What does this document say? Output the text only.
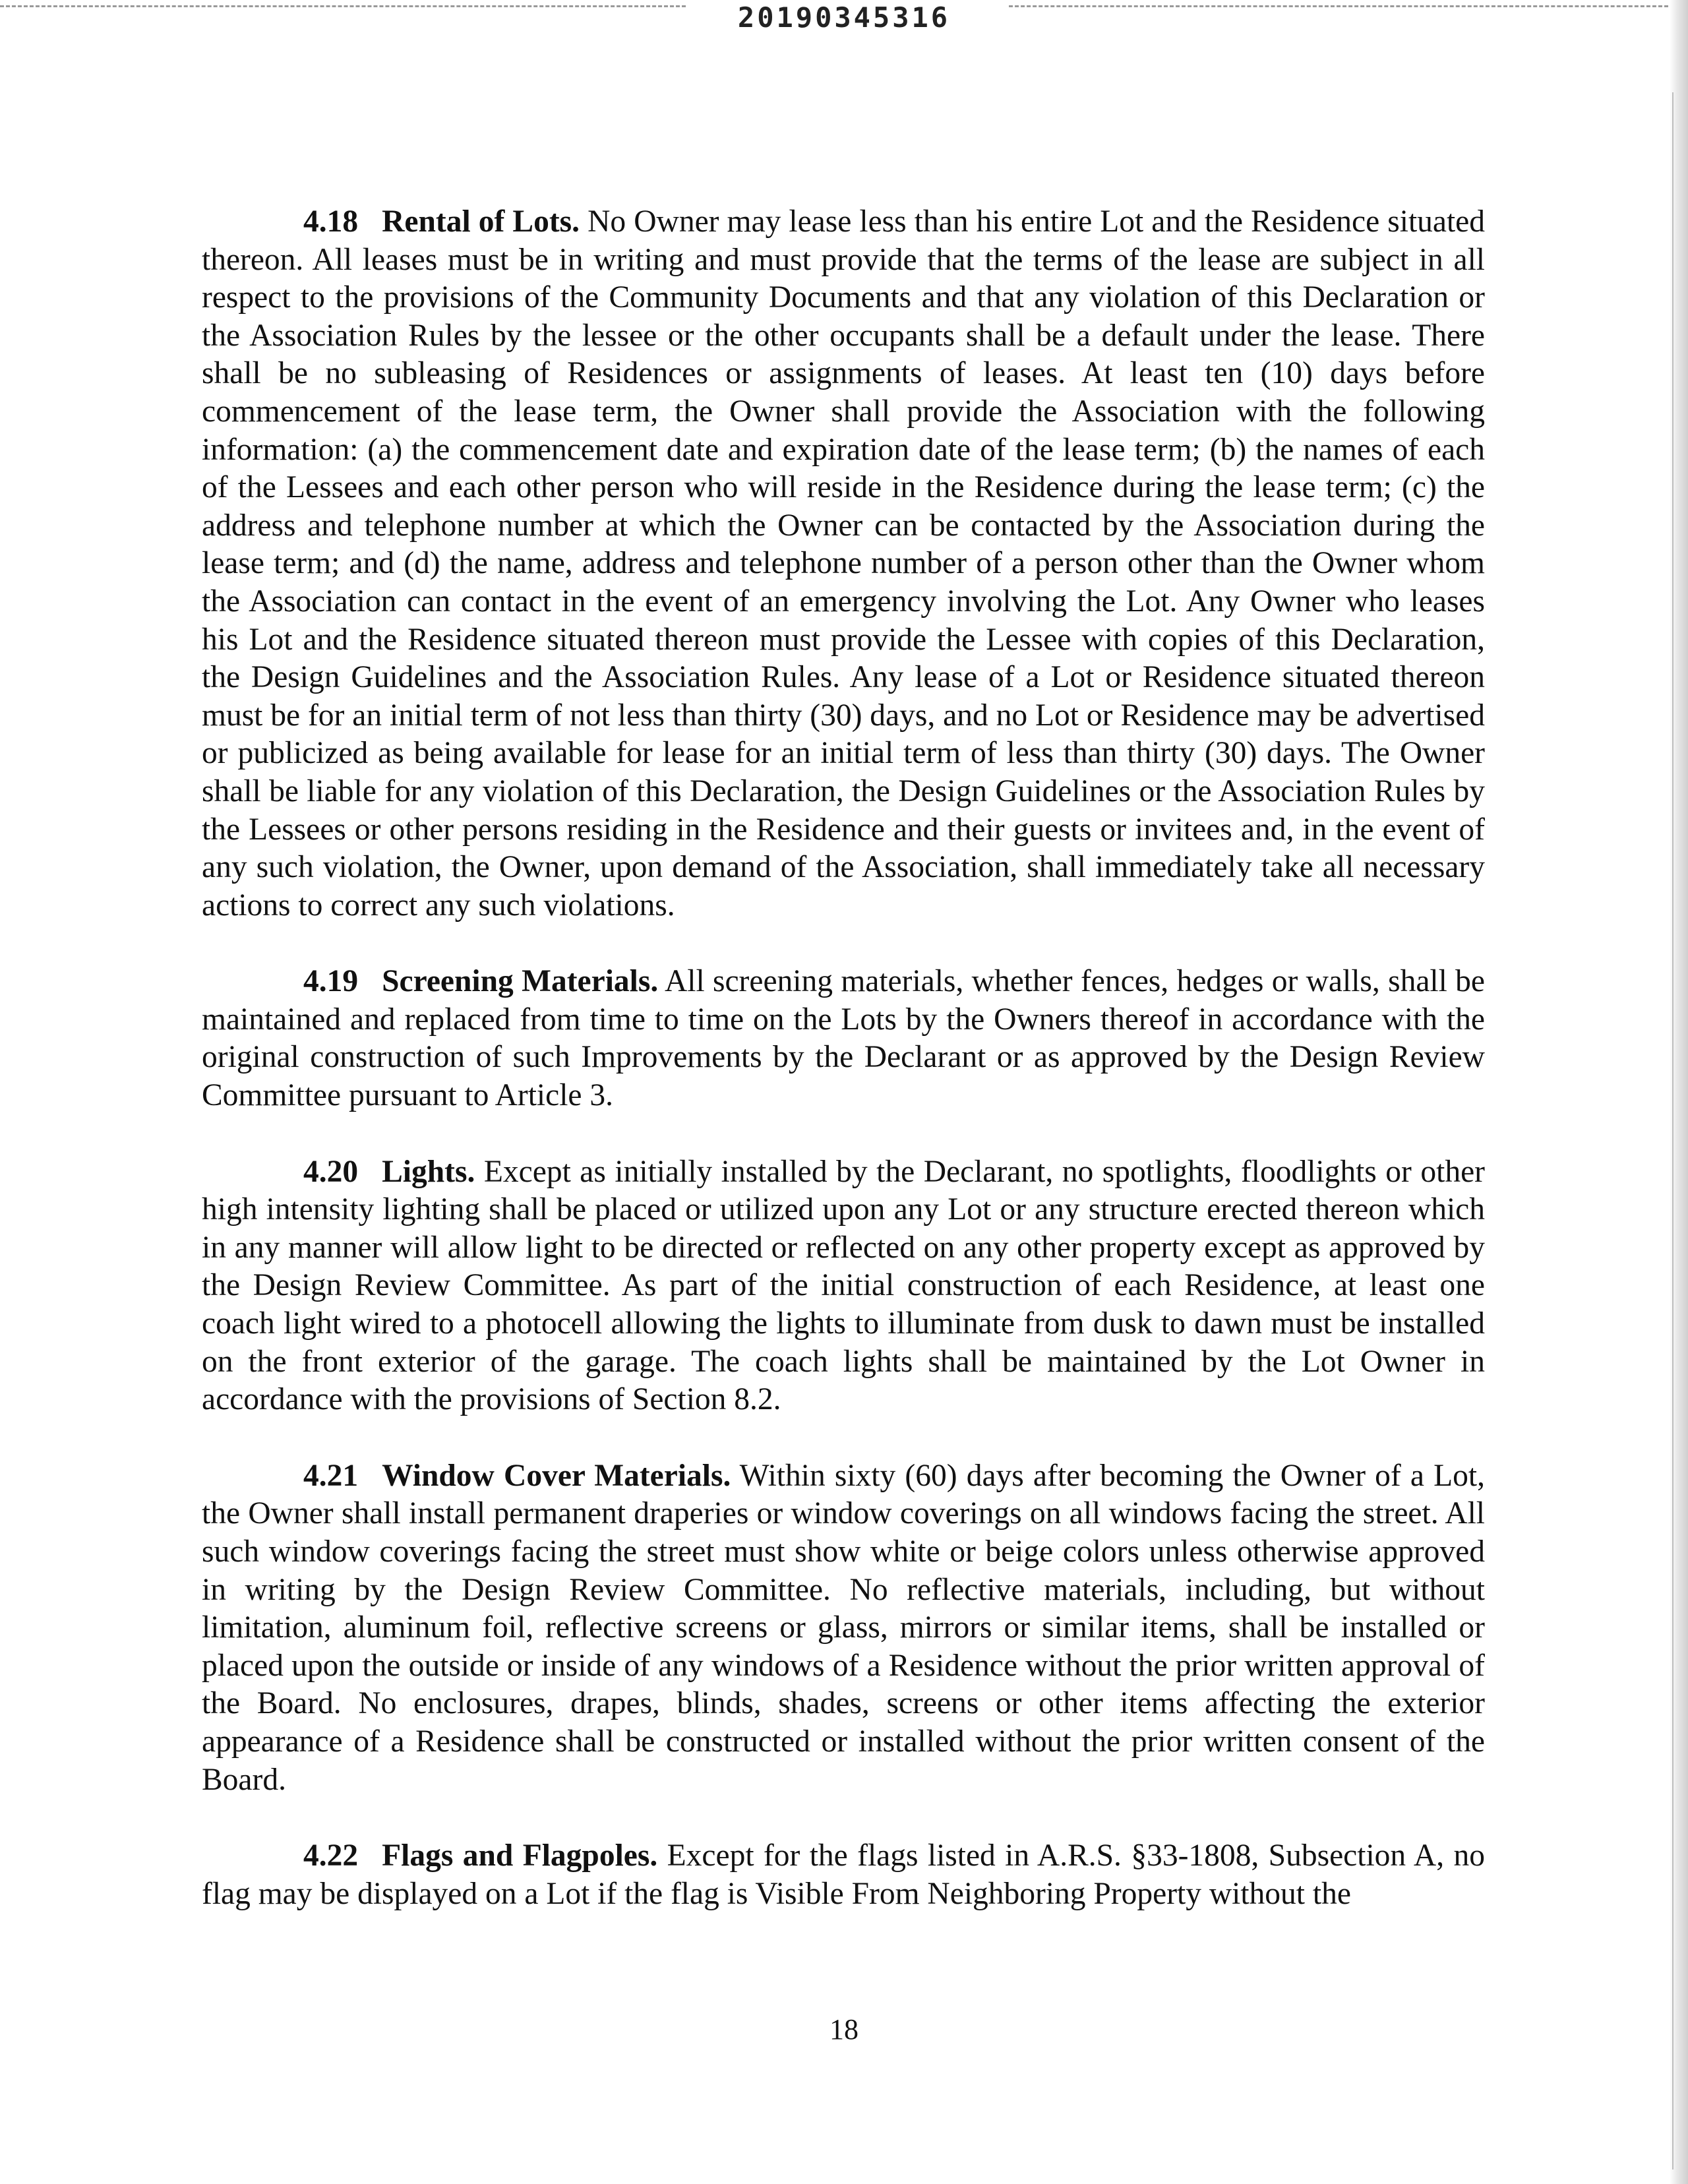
20190345316

4.18 Rental of Lots. No Owner may lease less than his entire Lot and the Residence situated thereon. All leases must be in writing and must provide that the terms of the lease are subject in all respect to the provisions of the Community Documents and that any violation of this Declaration or the Association Rules by the lessee or the other occupants shall be a default under the lease. There shall be no subleasing of Residences or assignments of leases. At least ten (10) days before commencement of the lease term, the Owner shall provide the Association with the following information: (a) the commencement date and expiration date of the lease term; (b) the names of each of the Lessees and each other person who will reside in the Residence during the lease term; (c) the address and telephone number at which the Owner can be contacted by the Association during the lease term; and (d) the name, address and telephone number of a person other than the Owner whom the Association can contact in the event of an emergency involving the Lot. Any Owner who leases his Lot and the Residence situated thereon must provide the Lessee with copies of this Declaration, the Design Guidelines and the Association Rules. Any lease of a Lot or Residence situated thereon must be for an initial term of not less than thirty (30) days, and no Lot or Residence may be advertised or publicized as being available for lease for an initial term of less than thirty (30) days. The Owner shall be liable for any violation of this Declaration, the Design Guidelines or the Association Rules by the Lessees or other persons residing in the Residence and their guests or invitees and, in the event of any such violation, the Owner, upon demand of the Association, shall immediately take all necessary actions to correct any such violations.

4.19 Screening Materials. All screening materials, whether fences, hedges or walls, shall be maintained and replaced from time to time on the Lots by the Owners thereof in accordance with the original construction of such Improvements by the Declarant or as approved by the Design Review Committee pursuant to Article 3.

4.20 Lights. Except as initially installed by the Declarant, no spotlights, floodlights or other high intensity lighting shall be placed or utilized upon any Lot or any structure erected thereon which in any manner will allow light to be directed or reflected on any other property except as approved by the Design Review Committee. As part of the initial construction of each Residence, at least one coach light wired to a photocell allowing the lights to illuminate from dusk to dawn must be installed on the front exterior of the garage. The coach lights shall be maintained by the Lot Owner in accordance with the provisions of Section 8.2.

4.21 Window Cover Materials. Within sixty (60) days after becoming the Owner of a Lot, the Owner shall install permanent draperies or window coverings on all windows facing the street. All such window coverings facing the street must show white or beige colors unless otherwise approved in writing by the Design Review Committee. No reflective materials, including, but without limitation, aluminum foil, reflective screens or glass, mirrors or similar items, shall be installed or placed upon the outside or inside of any windows of a Residence without the prior written approval of the Board. No enclosures, drapes, blinds, shades, screens or other items affecting the exterior appearance of a Residence shall be constructed or installed without the prior written consent of the Board.

4.22 Flags and Flagpoles. Except for the flags listed in A.R.S. §33-1808, Subsection A, no flag may be displayed on a Lot if the flag is Visible From Neighboring Property without the

18
